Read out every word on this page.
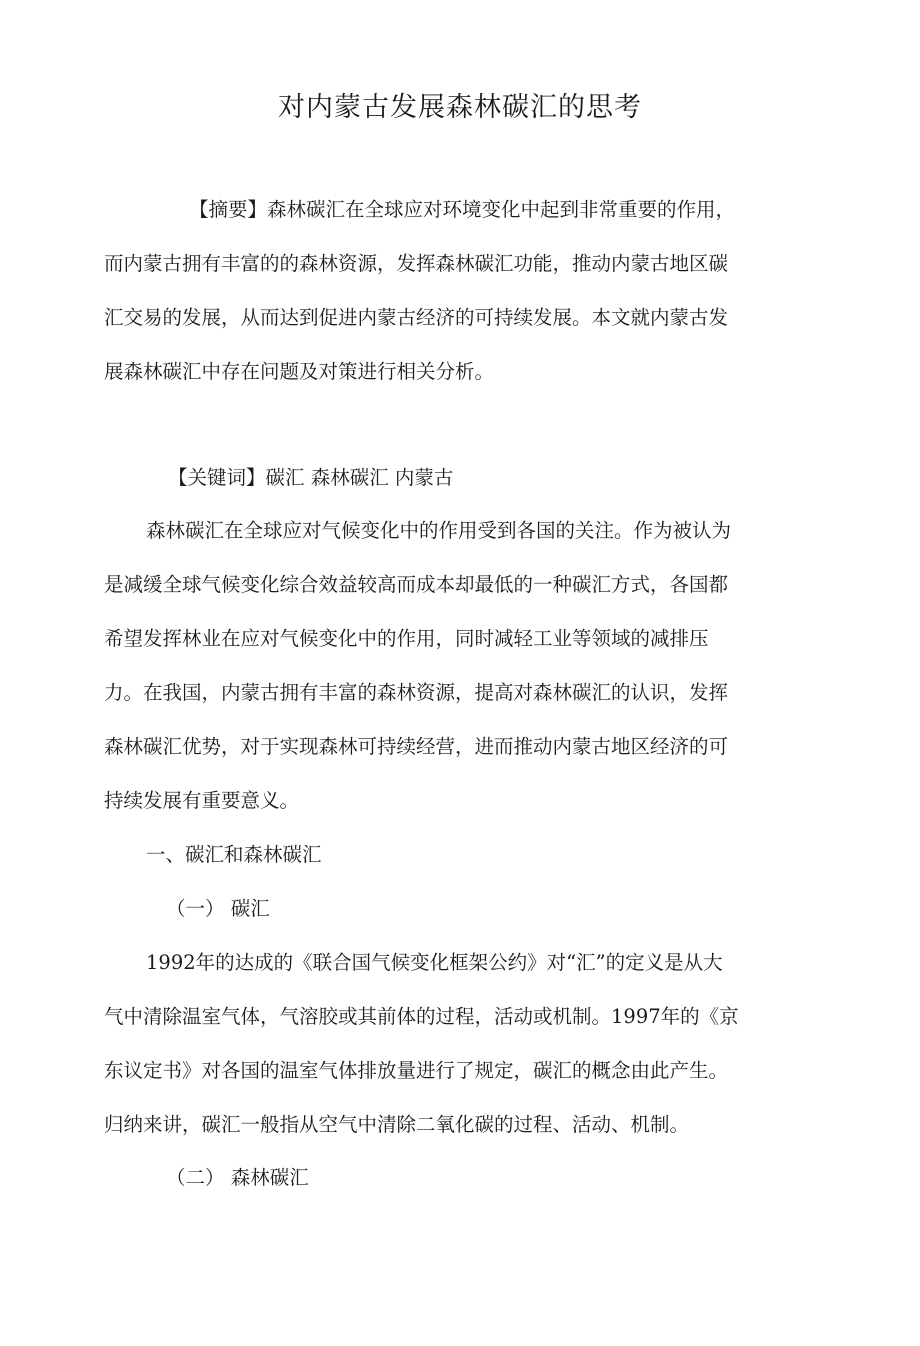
对内蒙古发展森林碳汇的思考

【摘要】森林碳汇在全球应对环境变化中起到非常重要的作用，

而内蒙古拥有丰富的的森林资源，发挥森林碳汇功能，推动内蒙古地区碳

汇交易的发展，从而达到促进内蒙古经济的可持续发展。本文就内蒙古发

展森林碳汇中存在问题及对策进行相关分析。

【关键词】碳汇 森林碳汇 内蒙古

森林碳汇在全球应对气候变化中的作用受到各国的关注。作为被认为

是减缓全球气候变化综合效益较高而成本却最低的一种碳汇方式，各国都

希望发挥林业在应对气候变化中的作用，同时减轻工业等领域的减排压

力。在我国，内蒙古拥有丰富的森林资源，提高对森林碳汇的认识，发挥

森林碳汇优势，对于实现森林可持续经营，进而推动内蒙古地区经济的可

持续发展有重要意义。

一、碳汇和森林碳汇

（一） 碳汇

1992年的达成的《联合国气候变化框架公约》对“汇”的定义是从大

气中清除温室气体，气溶胶或其前体的过程，活动或机制。1997年的《京

东议定书》对各国的温室气体排放量进行了规定，碳汇的概念由此产生。

归纳来讲，碳汇一般指从空气中清除二氧化碳的过程、活动、机制。

（二） 森林碳汇
